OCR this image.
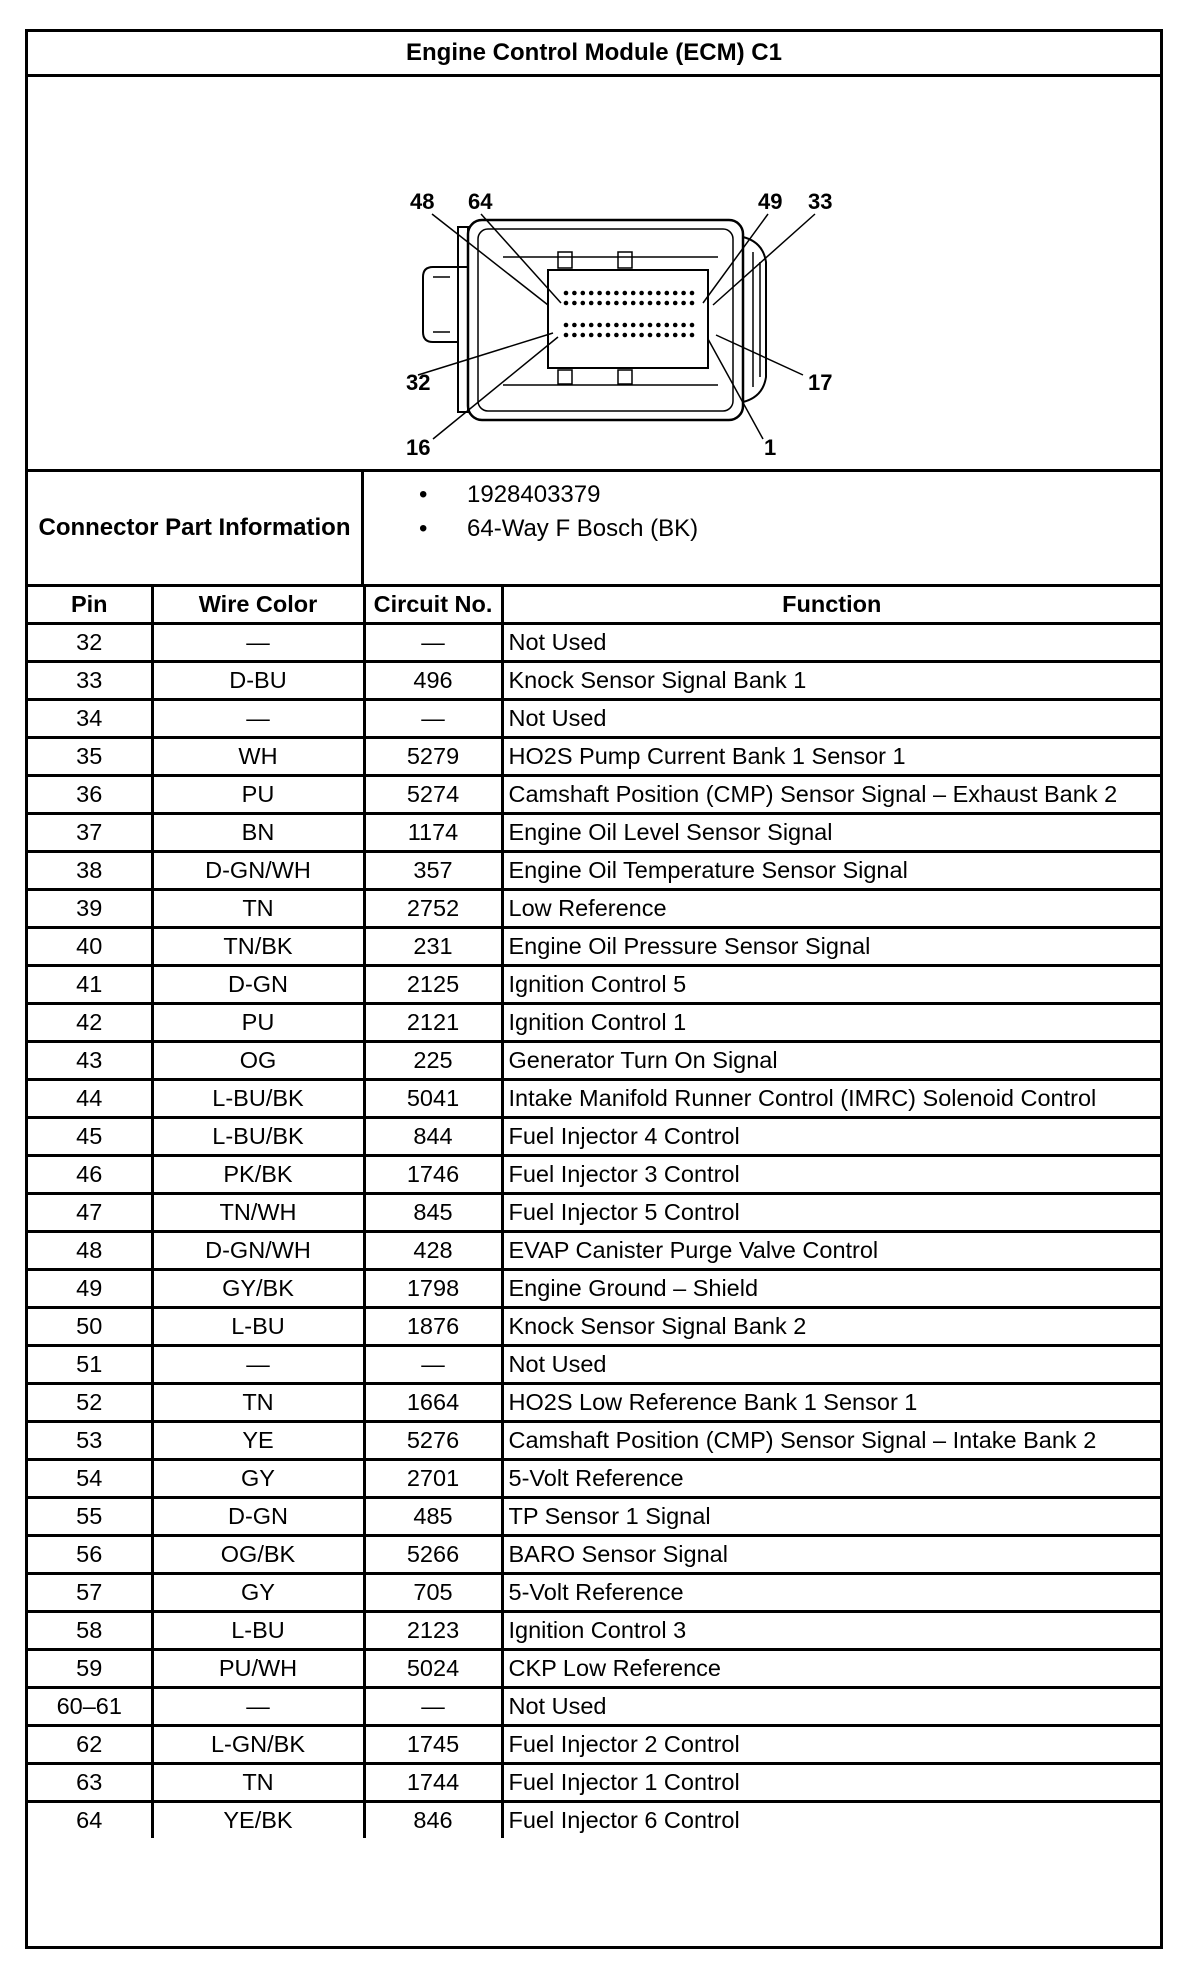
Engine Control Module (ECM) C1
48 64	49 33
32	17
16	1
Connector Part Information
• 1928403379
• 64-Way F Bosch (BK)
Pin	Wire Color	Circuit No.	Function
32	—	—	Not Used
33	D-BU	496	Knock Sensor Signal Bank 1
34	—	—	Not Used
35	WH	5279	HO2S Pump Current Bank 1 Sensor 1
36	PU	5274	Camshaft Position (CMP) Sensor Signal – Exhaust Bank 2
37	BN	1174	Engine Oil Level Sensor Signal
38	D-GN/WH	357	Engine Oil Temperature Sensor Signal
39	TN	2752	Low Reference
40	TN/BK	231	Engine Oil Pressure Sensor Signal
41	D-GN	2125	Ignition Control 5
42	PU	2121	Ignition Control 1
43	OG	225	Generator Turn On Signal
44	L-BU/BK	5041	Intake Manifold Runner Control (IMRC) Solenoid Control
45	L-BU/BK	844	Fuel Injector 4 Control
46	PK/BK	1746	Fuel Injector 3 Control
47	TN/WH	845	Fuel Injector 5 Control
48	D-GN/WH	428	EVAP Canister Purge Valve Control
49	GY/BK	1798	Engine Ground – Shield
50	L-BU	1876	Knock Sensor Signal Bank 2
51	—	—	Not Used
52	TN	1664	HO2S Low Reference Bank 1 Sensor 1
53	YE	5276	Camshaft Position (CMP) Sensor Signal – Intake Bank 2
54	GY	2701	5-Volt Reference
55	D-GN	485	TP Sensor 1 Signal
56	OG/BK	5266	BARO Sensor Signal
57	GY	705	5-Volt Reference
58	L-BU	2123	Ignition Control 3
59	PU/WH	5024	CKP Low Reference
60–61	—	—	Not Used
62	L-GN/BK	1745	Fuel Injector 2 Control
63	TN	1744	Fuel Injector 1 Control
64	YE/BK	846	Fuel Injector 6 Control
